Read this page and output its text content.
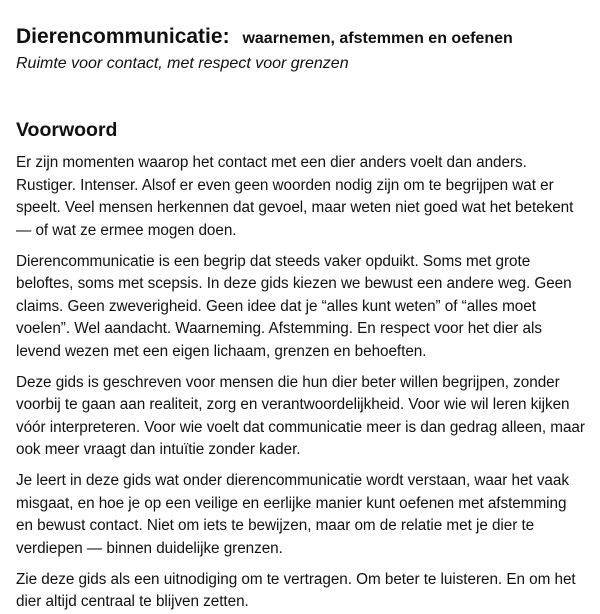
Dierencommunicatie: waarnemen, afstemmen en oefenen

Ruimte voor contact, met respect voor grenzen

Voorwoord

Er zijn momenten waarop het contact met een dier anders voelt dan anders. Rustiger. Intenser. Alsof er even geen woorden nodig zijn om te begrijpen wat er speelt. Veel mensen herkennen dat gevoel, maar weten niet goed wat het betekent — of wat ze ermee mogen doen.

Dierencommunicatie is een begrip dat steeds vaker opduikt. Soms met grote beloftes, soms met scepsis. In deze gids kiezen we bewust een andere weg. Geen claims. Geen zweverigheid. Geen idee dat je “alles kunt weten” of “alles moet voelen”. Wel aandacht. Waarneming. Afstemming. En respect voor het dier als levend wezen met een eigen lichaam, grenzen en behoeften.

Deze gids is geschreven voor mensen die hun dier beter willen begrijpen, zonder voorbij te gaan aan realiteit, zorg en verantwoordelijkheid. Voor wie wil leren kijken vóór interpreteren. Voor wie voelt dat communicatie meer is dan gedrag alleen, maar ook meer vraagt dan intuïtie zonder kader.

Je leert in deze gids wat onder dierencommunicatie wordt verstaan, waar het vaak misgaat, en hoe je op een veilige en eerlijke manier kunt oefenen met afstemming en bewust contact. Niet om iets te bewijzen, maar om de relatie met je dier te verdiepen — binnen duidelijke grenzen.

Zie deze gids als een uitnodiging om te vertragen. Om beter te luisteren. En om het dier altijd centraal te blijven zetten.
